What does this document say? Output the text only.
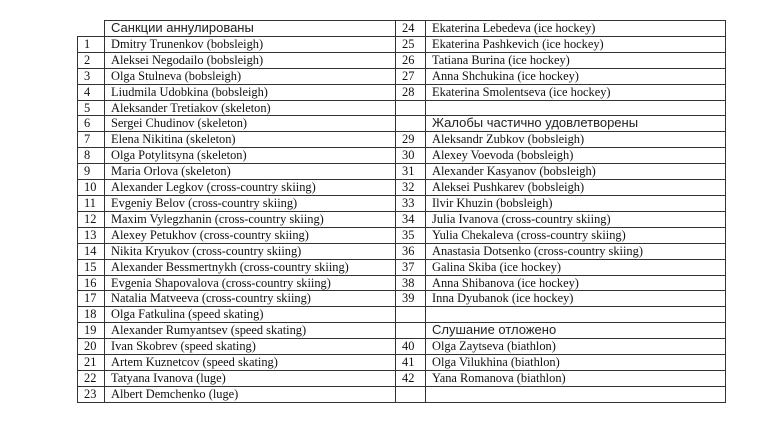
	Санкции аннулированы	24	Ekaterina Lebedeva (ice hockey)
1	Dmitry Trunenkov (bobsleigh)	25	Ekaterina Pashkevich (ice hockey)
2	Aleksei Negodailo (bobsleigh)	26	Tatiana Burina (ice hockey)
3	Olga Stulneva (bobsleigh)	27	Anna Shchukina (ice hockey)
4	Liudmila Udobkina (bobsleigh)	28	Ekaterina Smolentseva (ice hockey)
5	Aleksander Tretiakov (skeleton)		
6	Sergei Chudinov (skeleton)		Жалобы частично удовлетворены
7	Elena Nikitina (skeleton)	29	Aleksandr Zubkov (bobsleigh)
8	Olga Potylitsyna (skeleton)	30	Alexey Voevoda (bobsleigh)
9	Maria Orlova (skeleton)	31	Alexander Kasyanov (bobsleigh)
10	Alexander Legkov (cross-country skiing)	32	Aleksei Pushkarev (bobsleigh)
11	Evgeniy Belov (cross-country skiing)	33	Ilvir Khuzin (bobsleigh)
12	Maxim Vylegzhanin (cross-country skiing)	34	Julia Ivanova (cross-country skiing)
13	Alexey Petukhov (cross-country skiing)	35	Yulia Chekaleva (cross-country skiing)
14	Nikita Kryukov (cross-country skiing)	36	Anastasia Dotsenko (cross-country skiing)
15	Alexander Bessmertnykh (cross-country skiing)	37	Galina Skiba (ice hockey)
16	Evgenia Shapovalova (cross-country skiing)	38	Anna Shibanova (ice hockey)
17	Natalia Matveeva (cross-country skiing)	39	Inna Dyubanok (ice hockey)
18	Olga Fatkulina (speed skating)		
19	Alexander Rumyantsev (speed skating)		Слушание отложено
20	Ivan Skobrev (speed skating)	40	Olga Zaytseva (biathlon)
21	Artem Kuznetcov (speed skating)	41	Olga Vilukhina (biathlon)
22	Tatyana Ivanova (luge)	42	Yana Romanova (biathlon)
23	Albert Demchenko (luge)		
